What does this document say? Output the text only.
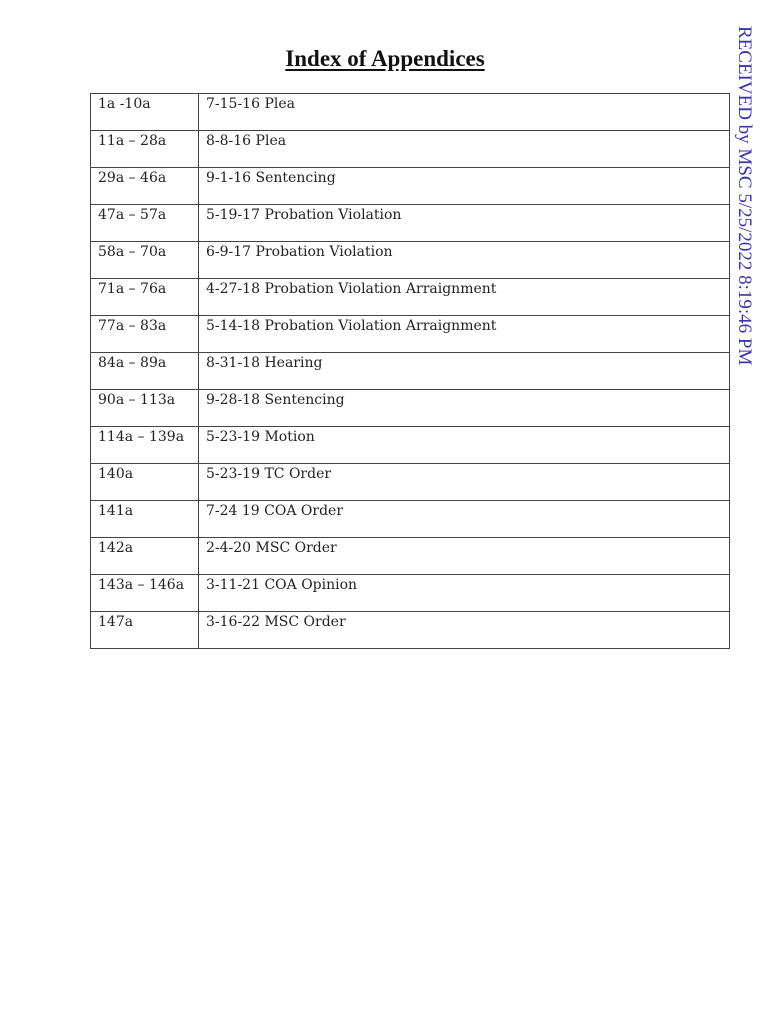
Index of Appendices
1a -10a	7-15-16 Plea
11a – 28a	8-8-16 Plea
29a – 46a	9-1-16 Sentencing
47a – 57a	5-19-17 Probation Violation
58a – 70a	6-9-17 Probation Violation
71a – 76a	4-27-18 Probation Violation Arraignment
77a – 83a	5-14-18 Probation Violation Arraignment
84a – 89a	8-31-18 Hearing
90a – 113a	9-28-18 Sentencing
114a – 139a	5-23-19 Motion
140a	5-23-19 TC Order
141a	7-24 19 COA Order
142a	2-4-20 MSC Order
143a – 146a	3-11-21 COA Opinion
147a	3-16-22 MSC Order
RECEIVED by MSC 5/25/2022 8:19:46 PM
